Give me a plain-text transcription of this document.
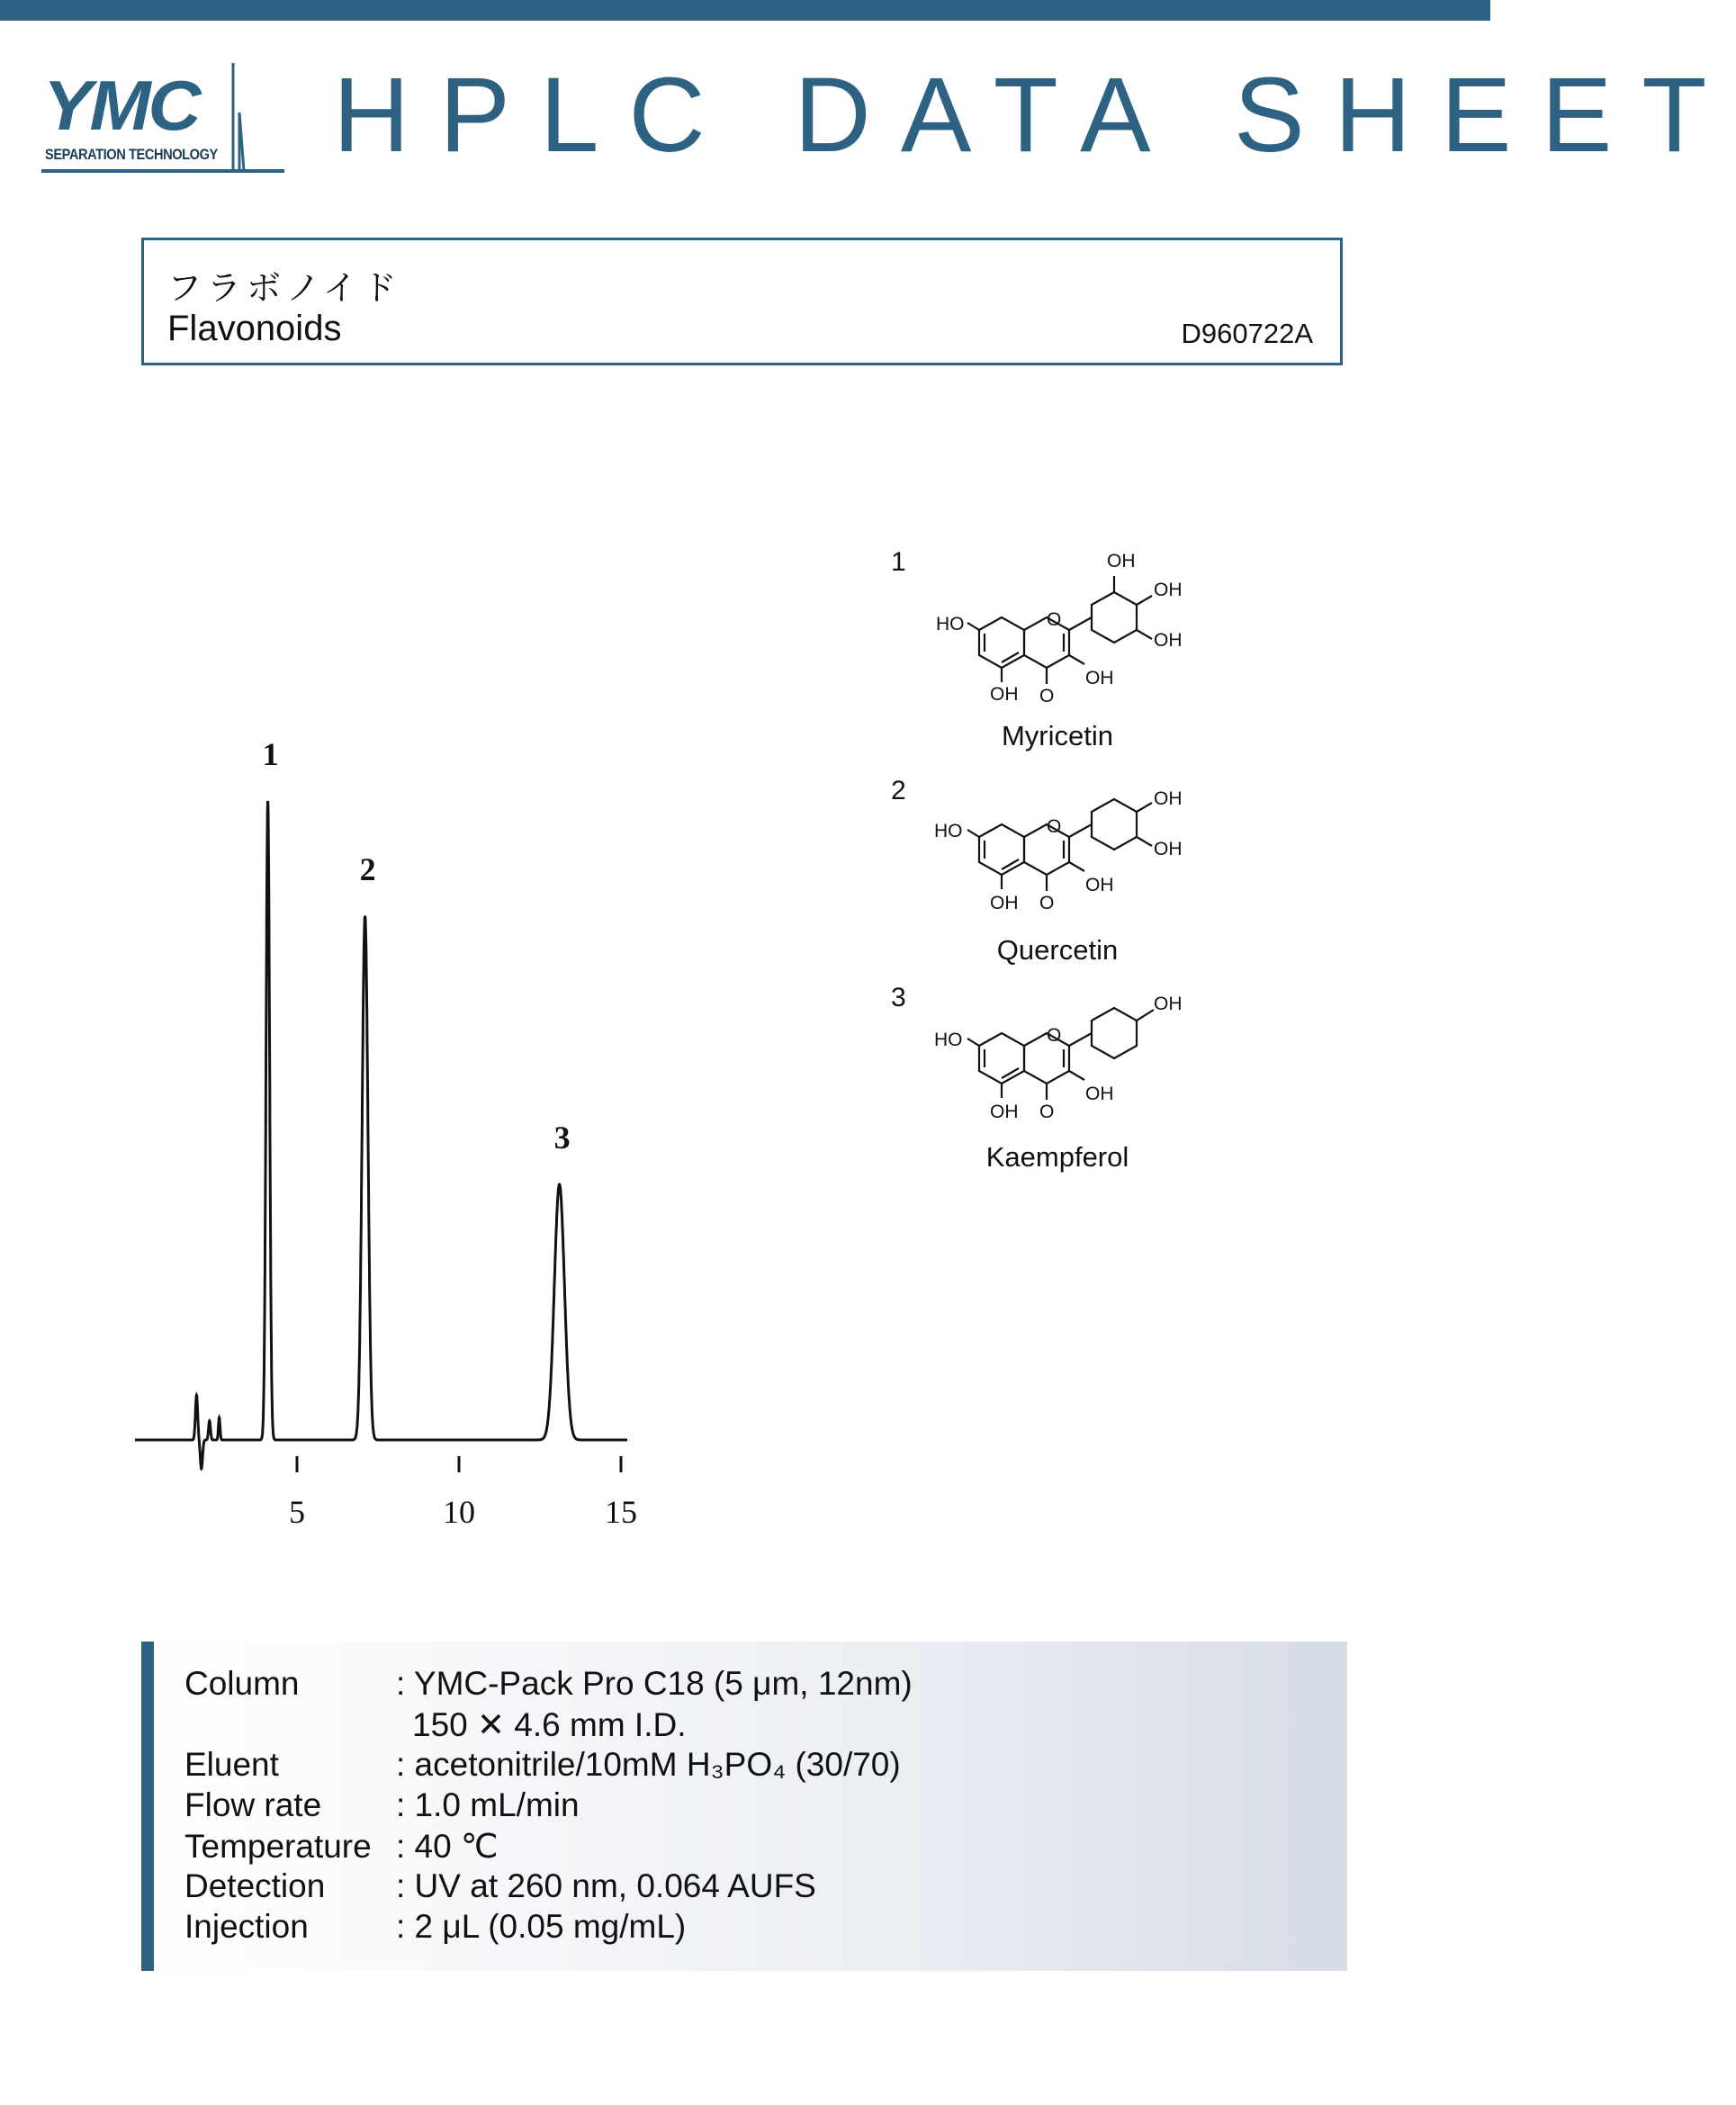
YMC
SEPARATION TECHNOLOGY HPLC DATA SHEET
フラボノイド
Flavonoids	D960722A
1
2
3
5	10	15
1
HO
OH
OH
OH
OH
OH O
O
Myricetin
2
HO
OH
OH
OH
OH O
O
Quercetin
3
HO
OH
OH
OH O
O
Kaempferol
Column	: YMC-Pack Pro C18 (5 μm, 12nm)
150 ✕ 4.6 mm I.D.
Eluent	: acetonitrile/10mM H₃PO₄ (30/70)
Flow rate : 1.0 mL/min
Temperature : 40 ℃
Detection : UV at 260 nm, 0.064 AUFS
Injection	: 2 μL (0.05 mg/mL)
